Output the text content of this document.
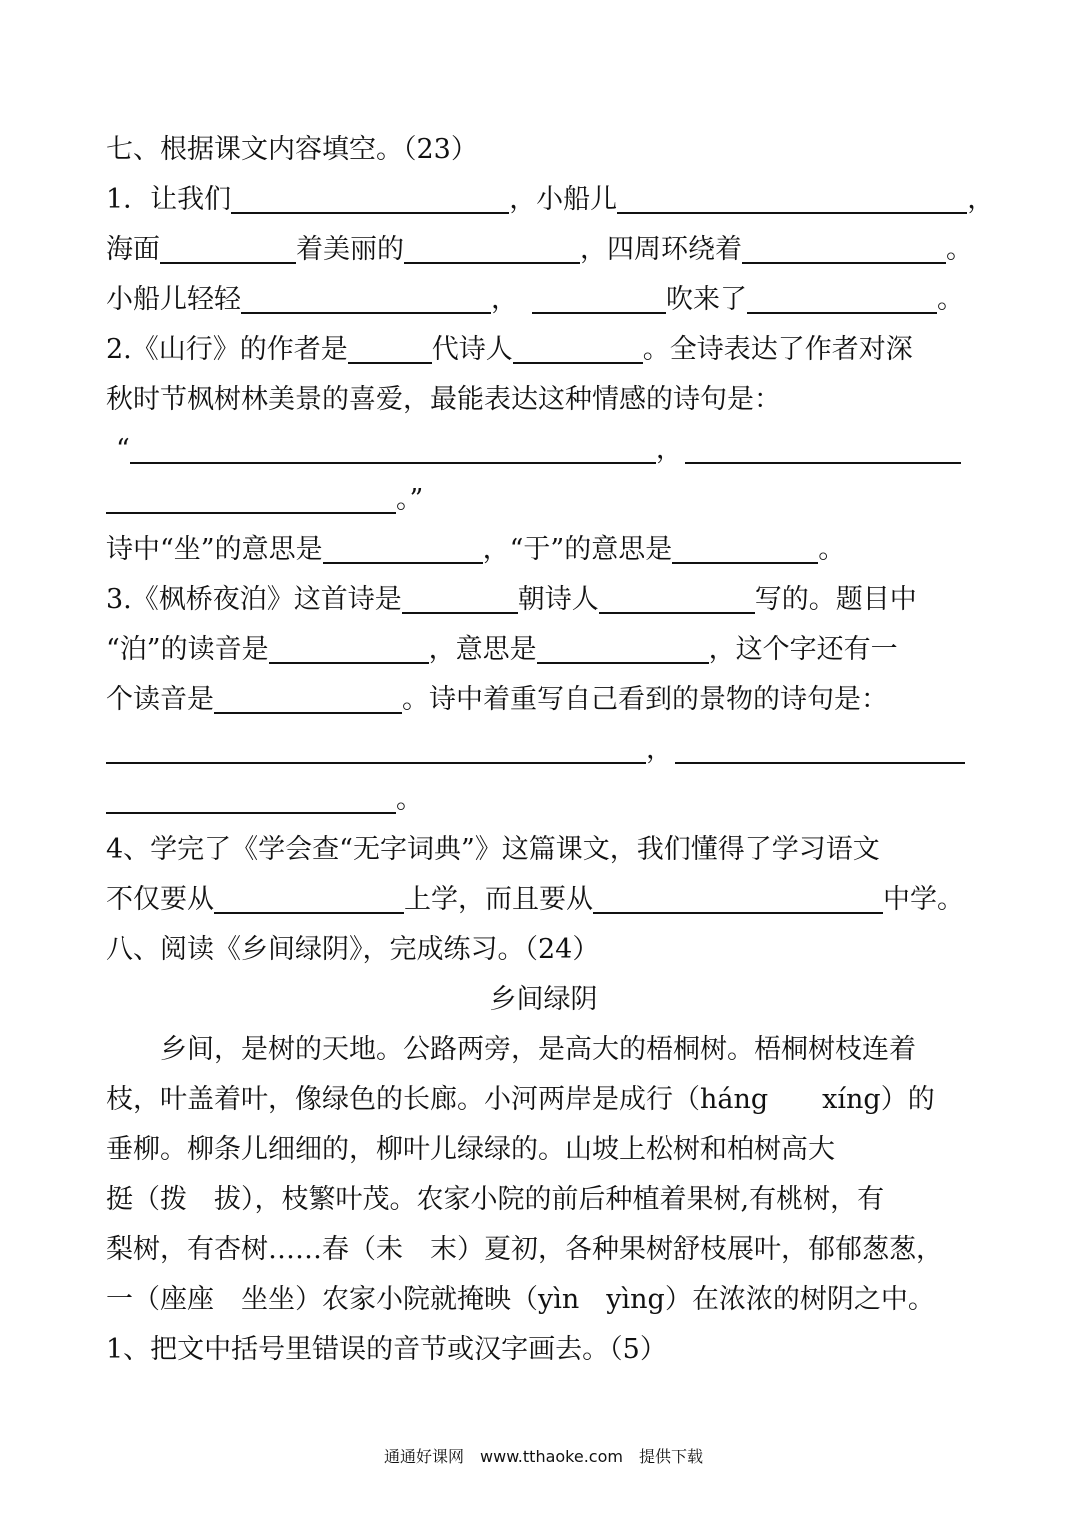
七、根据课文内容填空。（23）
1．让我们	，小船儿	，
海面	着美丽的	，四周环绕着	。
小船儿轻轻	，	吹来了	。
2.《山行》的作者是	代诗人	。全诗表达了作者对深
秋时节枫树林美景的喜爱，最能表达这种情感的诗句是：
“	，
。”
诗中“坐”的意思是	，“于”的意思是	。
3.《枫桥夜泊》这首诗是	朝诗人	写的。题目中
“泊”的读音是	，意思是	，这个字还有一
个读音是	。诗中着重写自己看到的景物的诗句是：
，
。
4、学完了《学会查“无字词典”》这篇课文，我们懂得了学习语文
不仅要从	上学，而且要从	中学。
八、阅读《乡间绿阴》，完成练习。（24）
乡间绿阴
乡间，是树的天地。公路两旁，是高大的梧桐树。梧桐树枝连着
枝，叶盖着叶，像绿色的长廊。小河两岸是成行（háng　　xíng）的
垂柳。柳条儿细细的，柳叶儿绿绿的。山坡上松树和柏树高大
挺（拨　拔），枝繁叶茂。农家小院的前后种植着果树,有桃树，有
梨树，有杏树……春（未　末）夏初，各种果树舒枝展叶，郁郁葱葱，
一（座座　坐坐）农家小院就掩映（yìn　yìng）在浓浓的树阴之中。
1、把文中括号里错误的音节或汉字画去。（5）
通通好课网　www.tthaoke.com　提供下载
